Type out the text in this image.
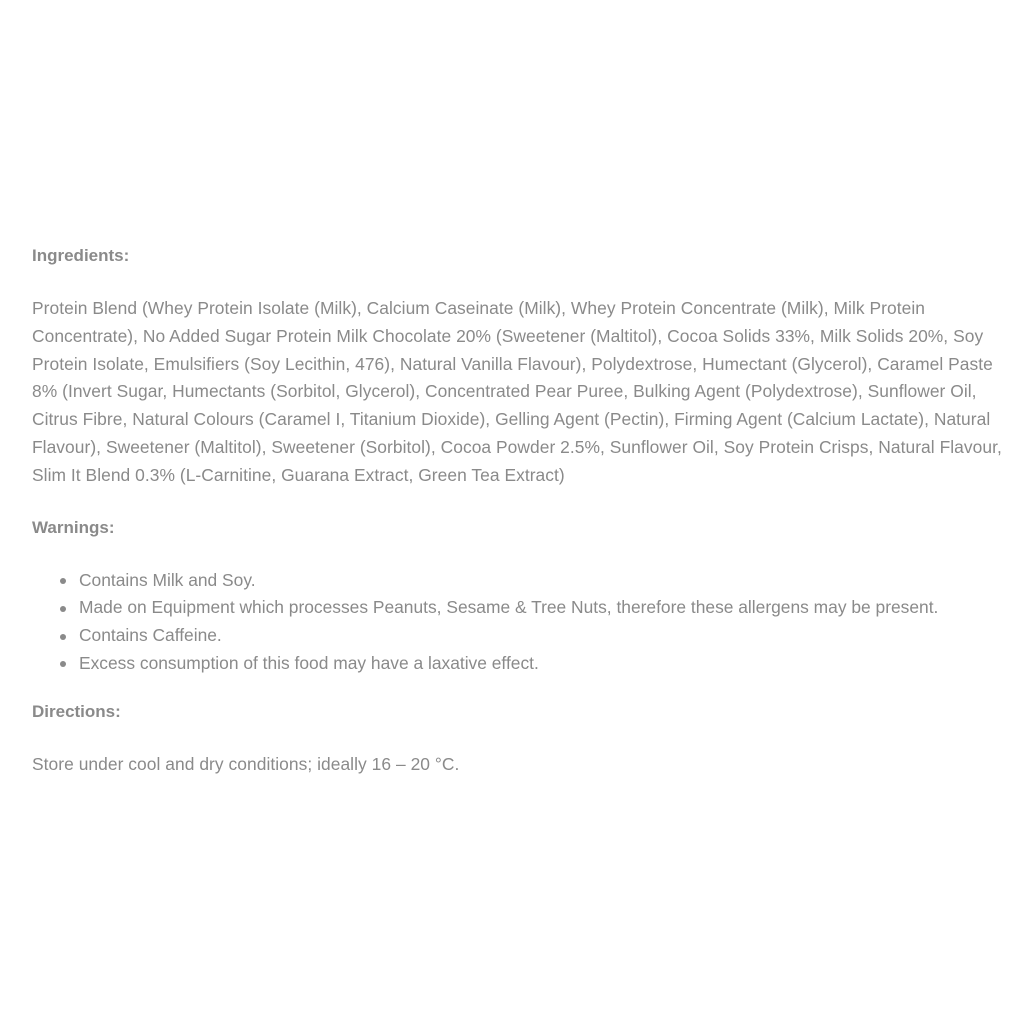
Ingredients:

Protein Blend (Whey Protein Isolate (Milk), Calcium Caseinate (Milk), Whey Protein Concentrate (Milk), Milk Protein Concentrate), No Added Sugar Protein Milk Chocolate 20% (Sweetener (Maltitol), Cocoa Solids 33%, Milk Solids 20%, Soy Protein Isolate, Emulsifiers (Soy Lecithin, 476), Natural Vanilla Flavour), Polydextrose, Humectant (Glycerol), Caramel Paste 8% (Invert Sugar, Humectants (Sorbitol, Glycerol), Concentrated Pear Puree, Bulking Agent (Polydextrose), Sunflower Oil, Citrus Fibre, Natural Colours (Caramel I, Titanium Dioxide), Gelling Agent (Pectin), Firming Agent (Calcium Lactate), Natural Flavour), Sweetener (Maltitol), Sweetener (Sorbitol), Cocoa Powder 2.5%, Sunflower Oil, Soy Protein Crisps, Natural Flavour, Slim It Blend 0.3% (L-Carnitine, Guarana Extract, Green Tea Extract)

Warnings:

Contains Milk and Soy.
Made on Equipment which processes Peanuts, Sesame & Tree Nuts, therefore these allergens may be present.
Contains Caffeine.
Excess consumption of this food may have a laxative effect.

Directions:

Store under cool and dry conditions; ideally 16 – 20 °C.
